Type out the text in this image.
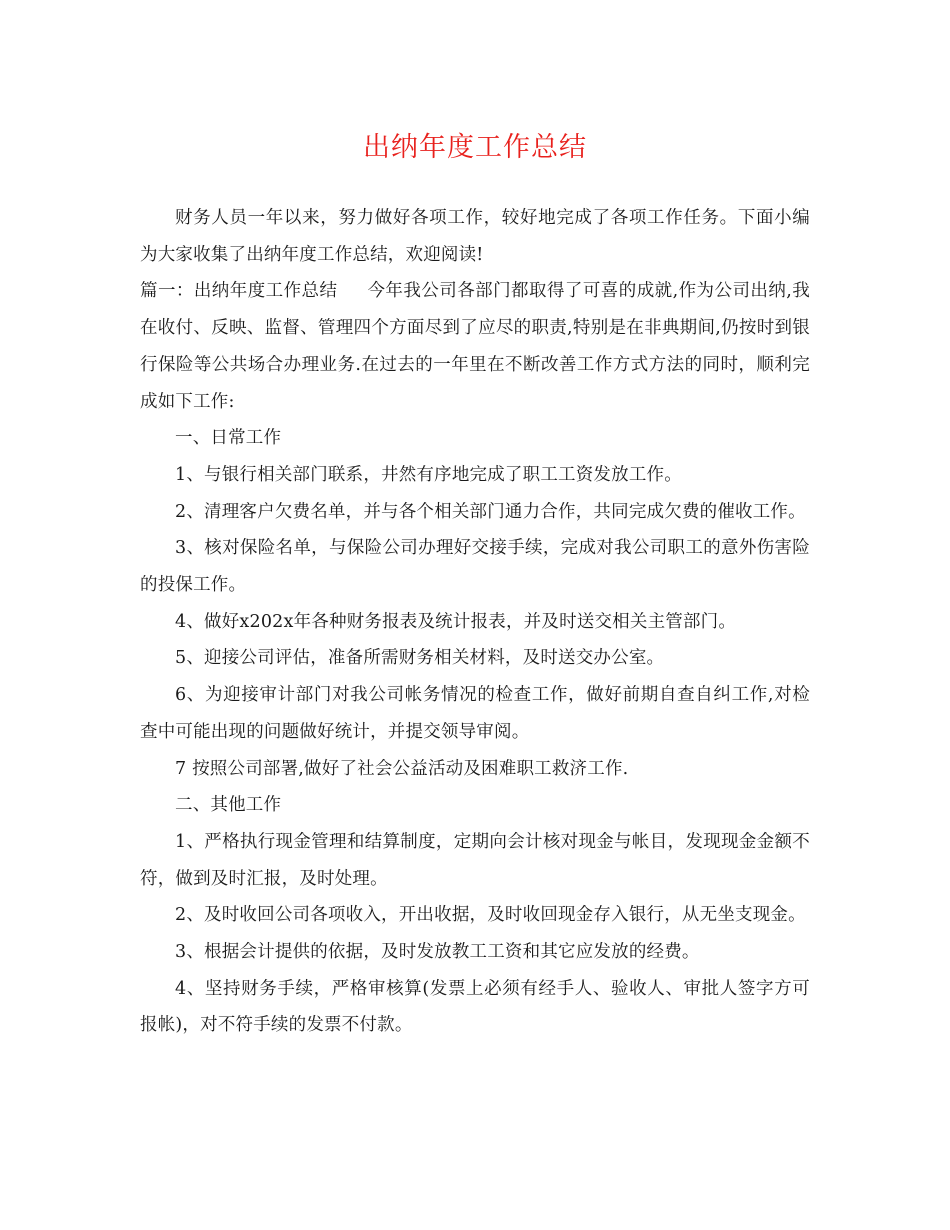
出纳年度工作总结

财务人员一年以来，努力做好各项工作，较好地完成了各项工作任务。下面小编为大家收集了出纳年度工作总结，欢迎阅读!

篇一：出纳年度工作总结 今年我公司各部门都取得了可喜的成就,作为公司出纳,我在收付、反映、监督、管理四个方面尽到了应尽的职责,特别是在非典期间,仍按时到银行保险等公共场合办理业务.在过去的一年里在不断改善工作方式方法的同时，顺利完成如下工作:

一、日常工作

1、与银行相关部门联系，井然有序地完成了职工工资发放工作。

2、清理客户欠费名单，并与各个相关部门通力合作，共同完成欠费的催收工作。

3、核对保险名单，与保险公司办理好交接手续，完成对我公司职工的意外伤害险的投保工作。

4、做好x202x年各种财务报表及统计报表，并及时送交相关主管部门。

5、迎接公司评估，准备所需财务相关材料，及时送交办公室。

6、为迎接审计部门对我公司帐务情况的检查工作，做好前期自查自纠工作,对检查中可能出现的问题做好统计，并提交领导审阅。

7 按照公司部署,做好了社会公益活动及困难职工救济工作.

二、其他工作

1、严格执行现金管理和结算制度，定期向会计核对现金与帐目，发现现金金额不符，做到及时汇报，及时处理。

2、及时收回公司各项收入，开出收据，及时收回现金存入银行，从无坐支现金。

3、根据会计提供的依据，及时发放教工工资和其它应发放的经费。

4、坚持财务手续，严格审核算(发票上必须有经手人、验收人、审批人签字方可报帐)，对不符手续的发票不付款。
